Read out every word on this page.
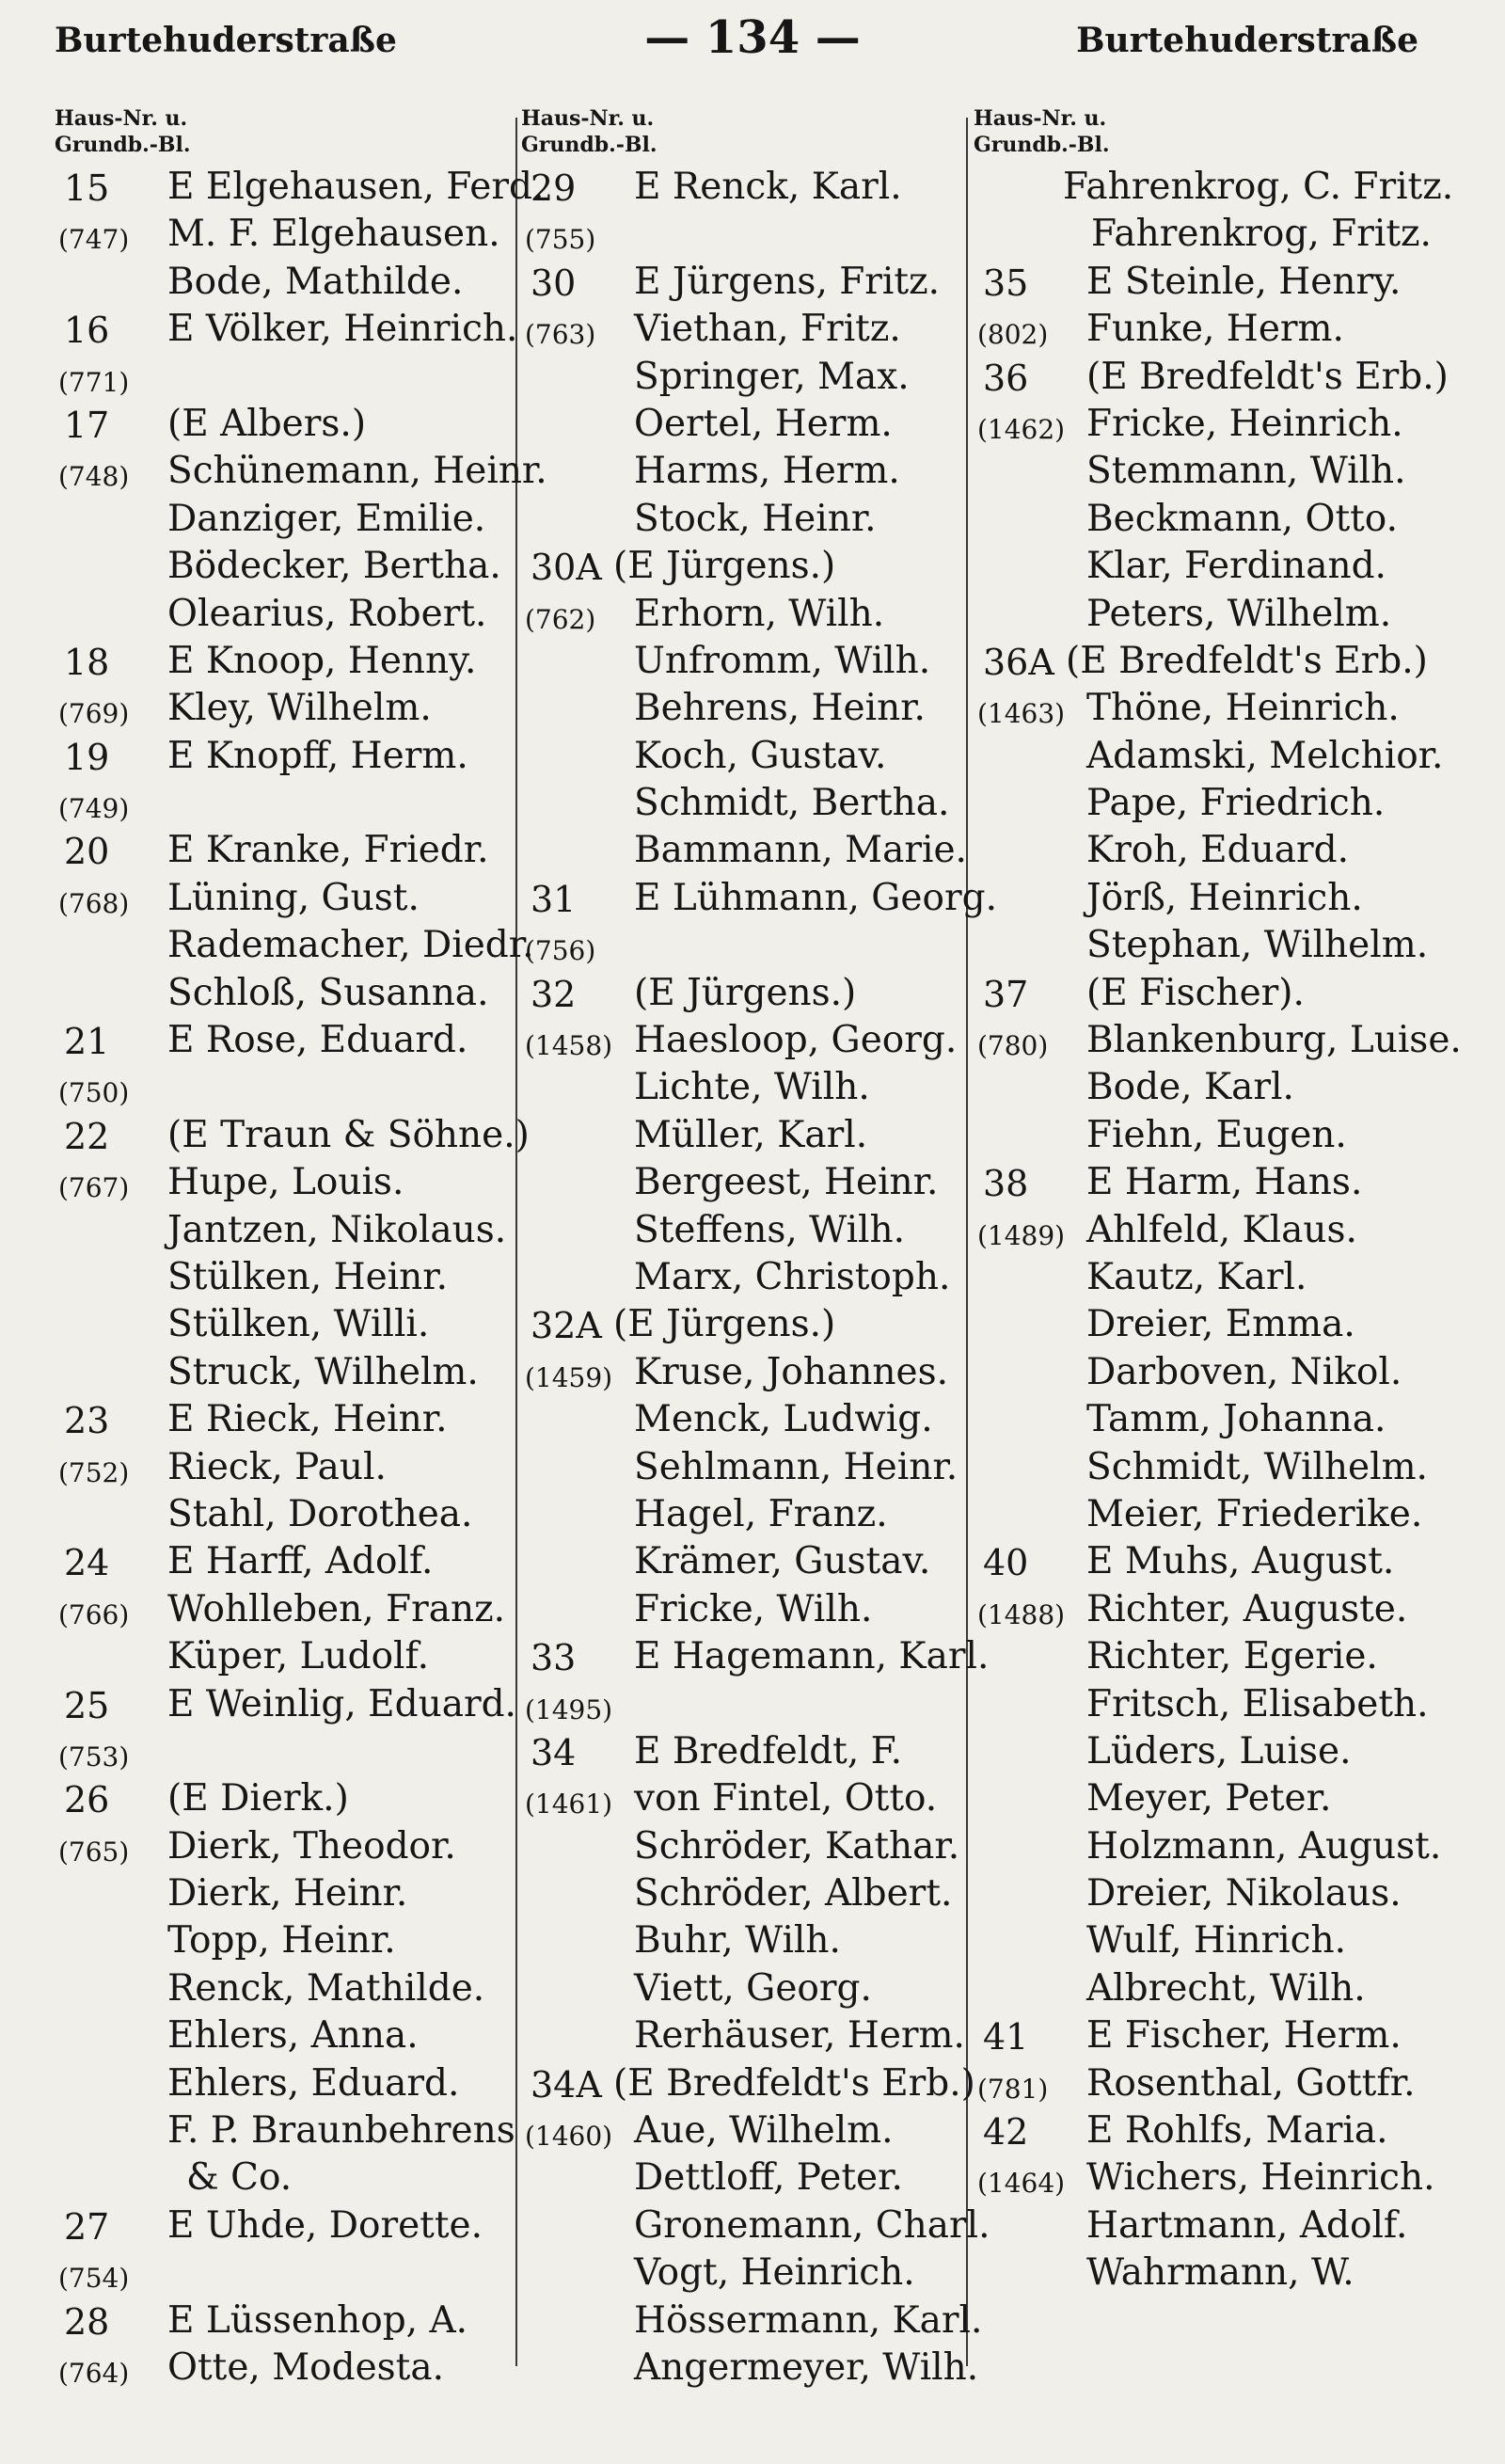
Burtehuderstraße	— 134 —	Burtehuderstraße
Haus-Nr. u.
Grundb.-Bl.
15 E Elgehausen, Ferd.
(747) M. F. Elgehausen.
Bode, Mathilde.
16 E Völker, Heinrich.
(771)
17 (E Albers.)
(748) Schünemann, Heinr.
Danziger, Emilie.
Bödecker, Bertha.
Olearius, Robert.
18 E Knoop, Henny.
(769) Kley, Wilhelm.
19 E Knopff, Herm.
(749)
20 E Kranke, Friedr.
(768) Lüning, Gust.
Rademacher, Diedr.
Schloß, Susanna.
21 E Rose, Eduard.
(750)
22 (E Traun & Söhne.)
(767) Hupe, Louis.
Jantzen, Nikolaus.
Stülken, Heinr.
Stülken, Willi.
Struck, Wilhelm.
23 E Rieck, Heinr.
(752) Rieck, Paul.
Stahl, Dorothea.
24 E Harff, Adolf.
(766) Wohlleben, Franz.
Küper, Ludolf.
25 E Weinlig, Eduard.
(753)
26 (E Dierk.)
(765) Dierk, Theodor.
Dierk, Heinr.
Topp, Heinr.
Renck, Mathilde.
Ehlers, Anna.
Ehlers, Eduard.
F. P. Braunbehrens
& Co.
27 E Uhde, Dorette.
(754)
28 E Lüssenhop, A.
(764) Otte, Modesta.
Haus-Nr. u.
Grundb.-Bl.
29 E Renck, Karl.
(755)
30 E Jürgens, Fritz.
(763) Viethan, Fritz.
Springer, Max.
Oertel, Herm.
Harms, Herm.
Stock, Heinr.
30A (E Jürgens.)
(762) Erhorn, Wilh.
Unfromm, Wilh.
Behrens, Heinr.
Koch, Gustav.
Schmidt, Bertha.
Bammann, Marie.
31 E Lühmann, Georg.
(756)
32 (E Jürgens.)
(1458) Haesloop, Georg.
Lichte, Wilh.
Müller, Karl.
Bergeest, Heinr.
Steffens, Wilh.
Marx, Christoph.
32A (E Jürgens.)
(1459) Kruse, Johannes.
Menck, Ludwig.
Sehlmann, Heinr.
Hagel, Franz.
Krämer, Gustav.
Fricke, Wilh.
33 E Hagemann, Karl.
(1495)
34 E Bredfeldt, F.
(1461) von Fintel, Otto.
Schröder, Kathar.
Schröder, Albert.
Buhr, Wilh.
Viett, Georg.
Rerhäuser, Herm.
34A (E Bredfeldt's Erb.)
(1460) Aue, Wilhelm.
Dettloff, Peter.
Gronemann, Charl.
Vogt, Heinrich.
Hössermann, Karl.
Angermeyer, Wilh.
Haus-Nr. u.
Grundb.-Bl.
Fahrenkrog, C. Fritz.
Fahrenkrog, Fritz.
35 E Steinle, Henry.
(802) Funke, Herm.
36 (E Bredfeldt's Erb.)
(1462) Fricke, Heinrich.
Stemmann, Wilh.
Beckmann, Otto.
Klar, Ferdinand.
Peters, Wilhelm.
36A (E Bredfeldt's Erb.)
(1463) Thöne, Heinrich.
Adamski, Melchior.
Pape, Friedrich.
Kroh, Eduard.
Jörß, Heinrich.
Stephan, Wilhelm.
37 (E Fischer).
(780) Blankenburg, Luise.
Bode, Karl.
Fiehn, Eugen.
38 E Harm, Hans.
(1489) Ahlfeld, Klaus.
Kautz, Karl.
Dreier, Emma.
Darboven, Nikol.
Tamm, Johanna.
Schmidt, Wilhelm.
Meier, Friederike.
40 E Muhs, August.
(1488) Richter, Auguste.
Richter, Egerie.
Fritsch, Elisabeth.
Lüders, Luise.
Meyer, Peter.
Holzmann, August.
Dreier, Nikolaus.
Wulf, Hinrich.
Albrecht, Wilh.
41 E Fischer, Herm.
(781) Rosenthal, Gottfr.
42 E Rohlfs, Maria.
(1464) Wichers, Heinrich.
Hartmann, Adolf.
Wahrmann, W.
